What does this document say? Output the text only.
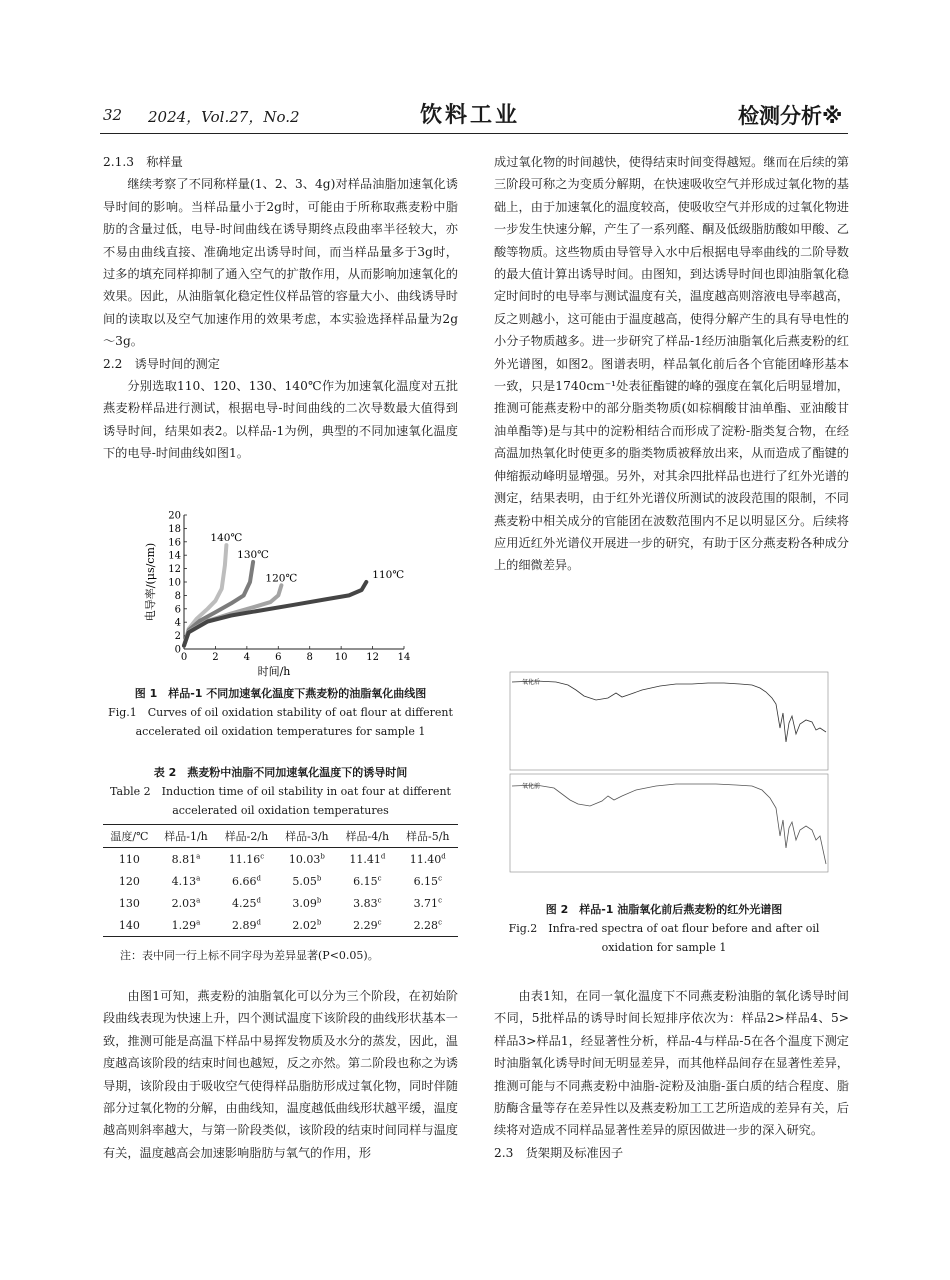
32 2024，Vol.27，No.2	饮料工业	检测分析※

2.1.3　称样量

继续考察了不同称样量(1、2、3、4g)对样品油脂加速氧化诱导时间的影响。当样品量小于2g时，可能由于所称取燕麦粉中脂肪的含量过低，电导-时间曲线在诱导期终点段曲率半径较大，亦不易由曲线直接、准确地定出诱导时间，而当样品量多于3g时，过多的填充同样抑制了通入空气的扩散作用，从而影响加速氧化的效果。因此，从油脂氧化稳定性仪样品管的容量大小、曲线诱导时间的读取以及空气加速作用的效果考虑，本实验选择样品量为2g～3g。

2.2　诱导时间的测定

分别选取110、120、130、140℃作为加速氧化温度对五批燕麦粉样品进行测试，根据电导-时间曲线的二次导数最大值得到诱导时间，结果如表2。以样品-1为例，典型的不同加速氧化温度下的电导-时间曲线如图1。

0	2	4	6	8 10 12 14
0
2
4
6
8
10
12
14
16
18
20
时间/h
电导率/(μs/cm)
140℃
130℃
120℃	110℃
图 1　样品-1 不同加速氧化温度下燕麦粉的油脂氧化曲线图
Fig.1　Curves of oil oxidation stability of oat flour at different
accelerated oil oxidation temperatures for sample 1
表 2　燕麦粉中油脂不同加速氧化温度下的诱导时间
Table 2　Induction time of oil stability in oat four at different
accelerated oil oxidation temperatures
温度/℃	样品-1/h	样品-2/h	样品-3/h	样品-4/h	样品-5/h
110	8.81$^a$	11.16$^c$	10.03$^b$	11.41$^d$	11.40$^d$
120	4.13$^a$	6.66$^d$	5.05$^b$	6.15$^c$	6.15$^c$
130	2.03$^a$	4.25$^d$	3.09$^b$	3.83$^c$	3.71$^c$
140	1.29$^a$	2.89$^d$	2.02$^b$	2.29$^c$	2.28$^c$
注：表中同一行上标不同字母为差异显著(P<0.05)。

由图1可知，燕麦粉的油脂氧化可以分为三个阶段，在初始阶段曲线表现为快速上升，四个测试温度下该阶段的曲线形状基本一致，推测可能是高温下样品中易挥发物质及水分的蒸发，因此，温度越高该阶段的结束时间也越短，反之亦然。第二阶段也称之为诱导期，该阶段由于吸收空气使得样品脂肪形成过氧化物，同时伴随部分过氧化物的分解，由曲线知，温度越低曲线形状越平缓，温度越高则斜率越大，与第一阶段类似，该阶段的结束时间同样与温度有关，温度越高会加速影响脂肪与氧气的作用，形

成过氧化物的时间越快，使得结束时间变得越短。继而在后续的第三阶段可称之为变质分解期，在快速吸收空气并形成过氧化物的基础上，由于加速氧化的温度较高，使吸收空气并形成的过氧化物进一步发生快速分解，产生了一系列醛、酮及低级脂肪酸如甲酸、乙酸等物质。这些物质由导管导入水中后根据电导率曲线的二阶导数的最大值计算出诱导时间。由图知，到达诱导时间也即油脂氧化稳定时间时的电导率与测试温度有关，温度越高则溶液电导率越高，反之则越小，这可能由于温度越高，使得分解产生的具有导电性的小分子物质越多。进一步研究了样品-1经历油脂氧化后燕麦粉的红外光谱图，如图2。图谱表明，样品氧化前后各个官能团峰形基本一致，只是1740cm⁻¹处表征酯键的峰的强度在氧化后明显增加，推测可能燕麦粉中的部分脂类物质(如棕榈酸甘油单酯、亚油酸甘油单酯等)是与其中的淀粉相结合而形成了淀粉-脂类复合物，在经高温加热氧化时使更多的脂类物质被释放出来，从而造成了酯键的伸缩振动峰明显增强。另外，对其余四批样品也进行了红外光谱的测定，结果表明，由于红外光谱仪所测试的波段范围的限制，不同燕麦粉中相关成分的官能团在波数范围内不足以明显区分。后续将应用近红外光谱仪开展进一步的研究，有助于区分燕麦粉各种成分上的细微差异。

氧化后
氧化前
图 2　样品-1 油脂氧化前后燕麦粉的红外光谱图
Fig.2　Infra-red spectra of oat flour before and after oil
oxidation for sample 1

由表1知，在同一氧化温度下不同燕麦粉油脂的氧化诱导时间不同，5批样品的诱导时间长短排序依次为：样品2>样品4、5>样品3>样品1，经显著性分析，样品-4与样品-5在各个温度下测定时油脂氧化诱导时间无明显差异，而其他样品间存在显著性差异，推测可能与不同燕麦粉中油脂-淀粉及油脂-蛋白质的结合程度、脂肪酶含量等存在差异性以及燕麦粉加工工艺所造成的差异有关，后续将对造成不同样品显著性差异的原因做进一步的深入研究。

2.3　货架期及标准因子
